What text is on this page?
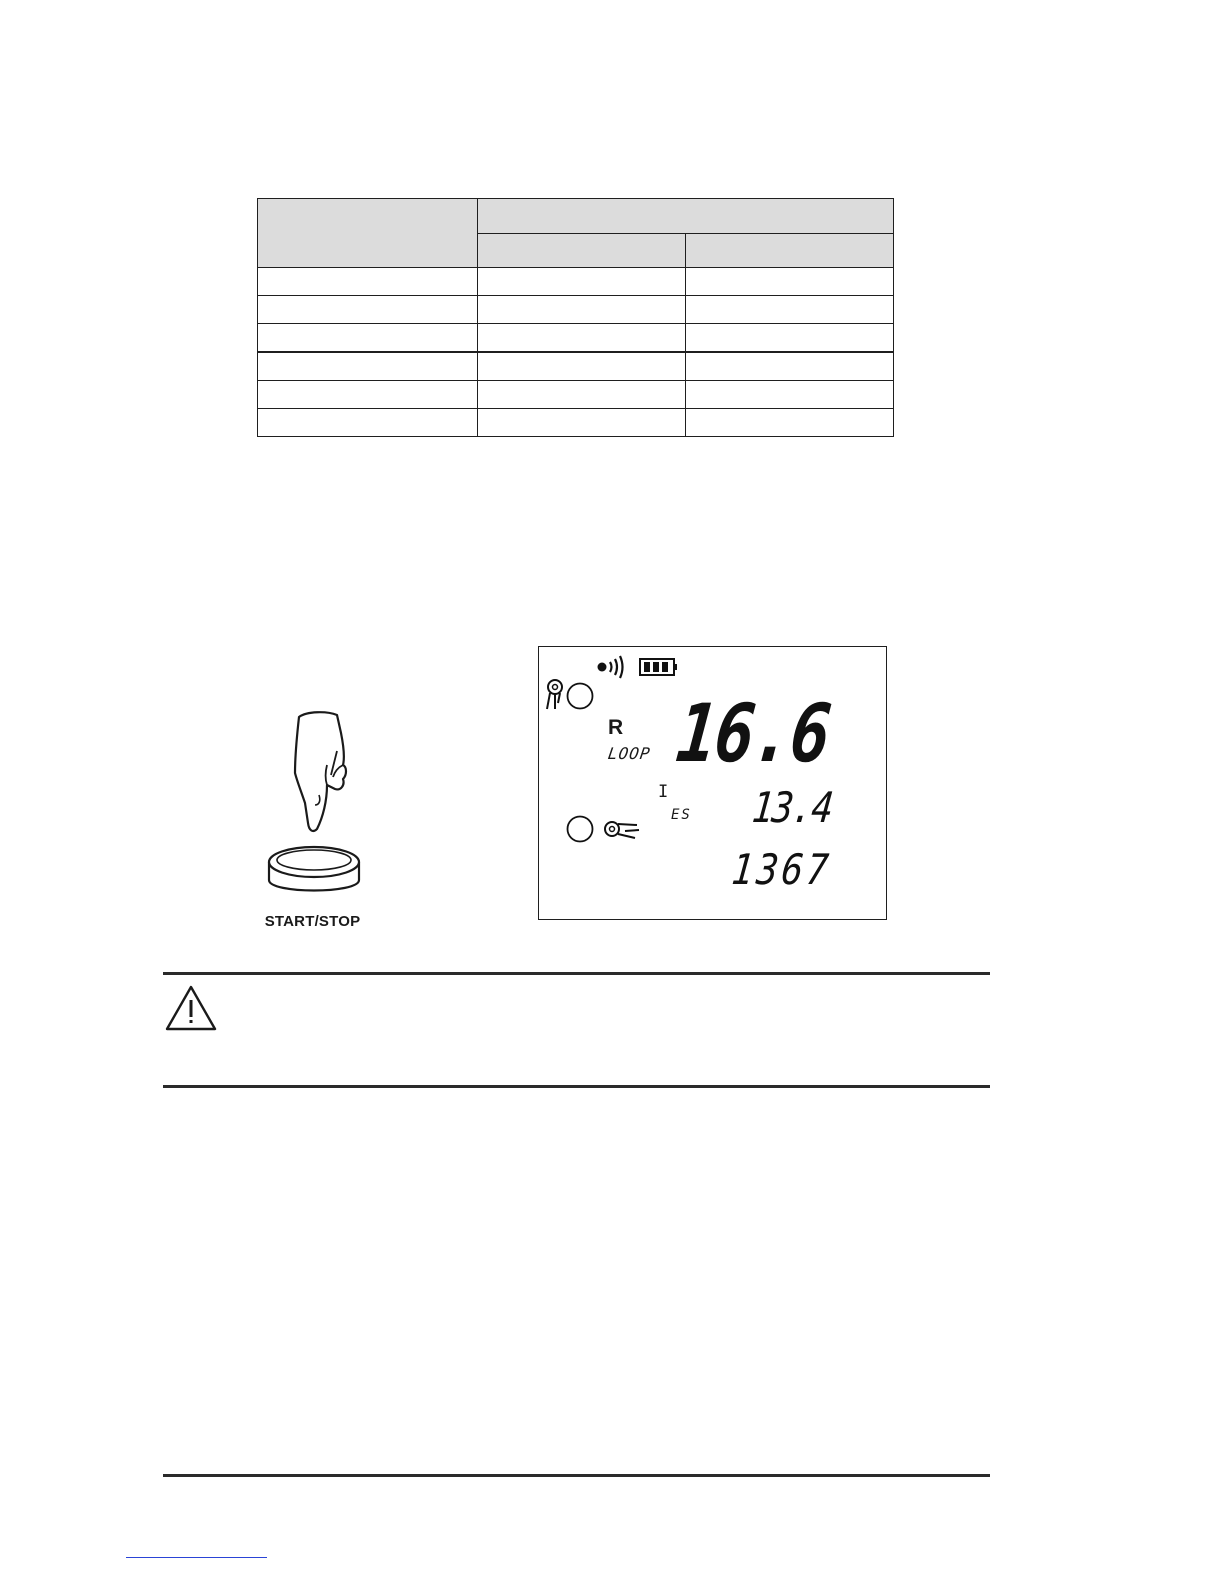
START/STOP
R
LOOP
I
ES
16.6
13.4
1367
